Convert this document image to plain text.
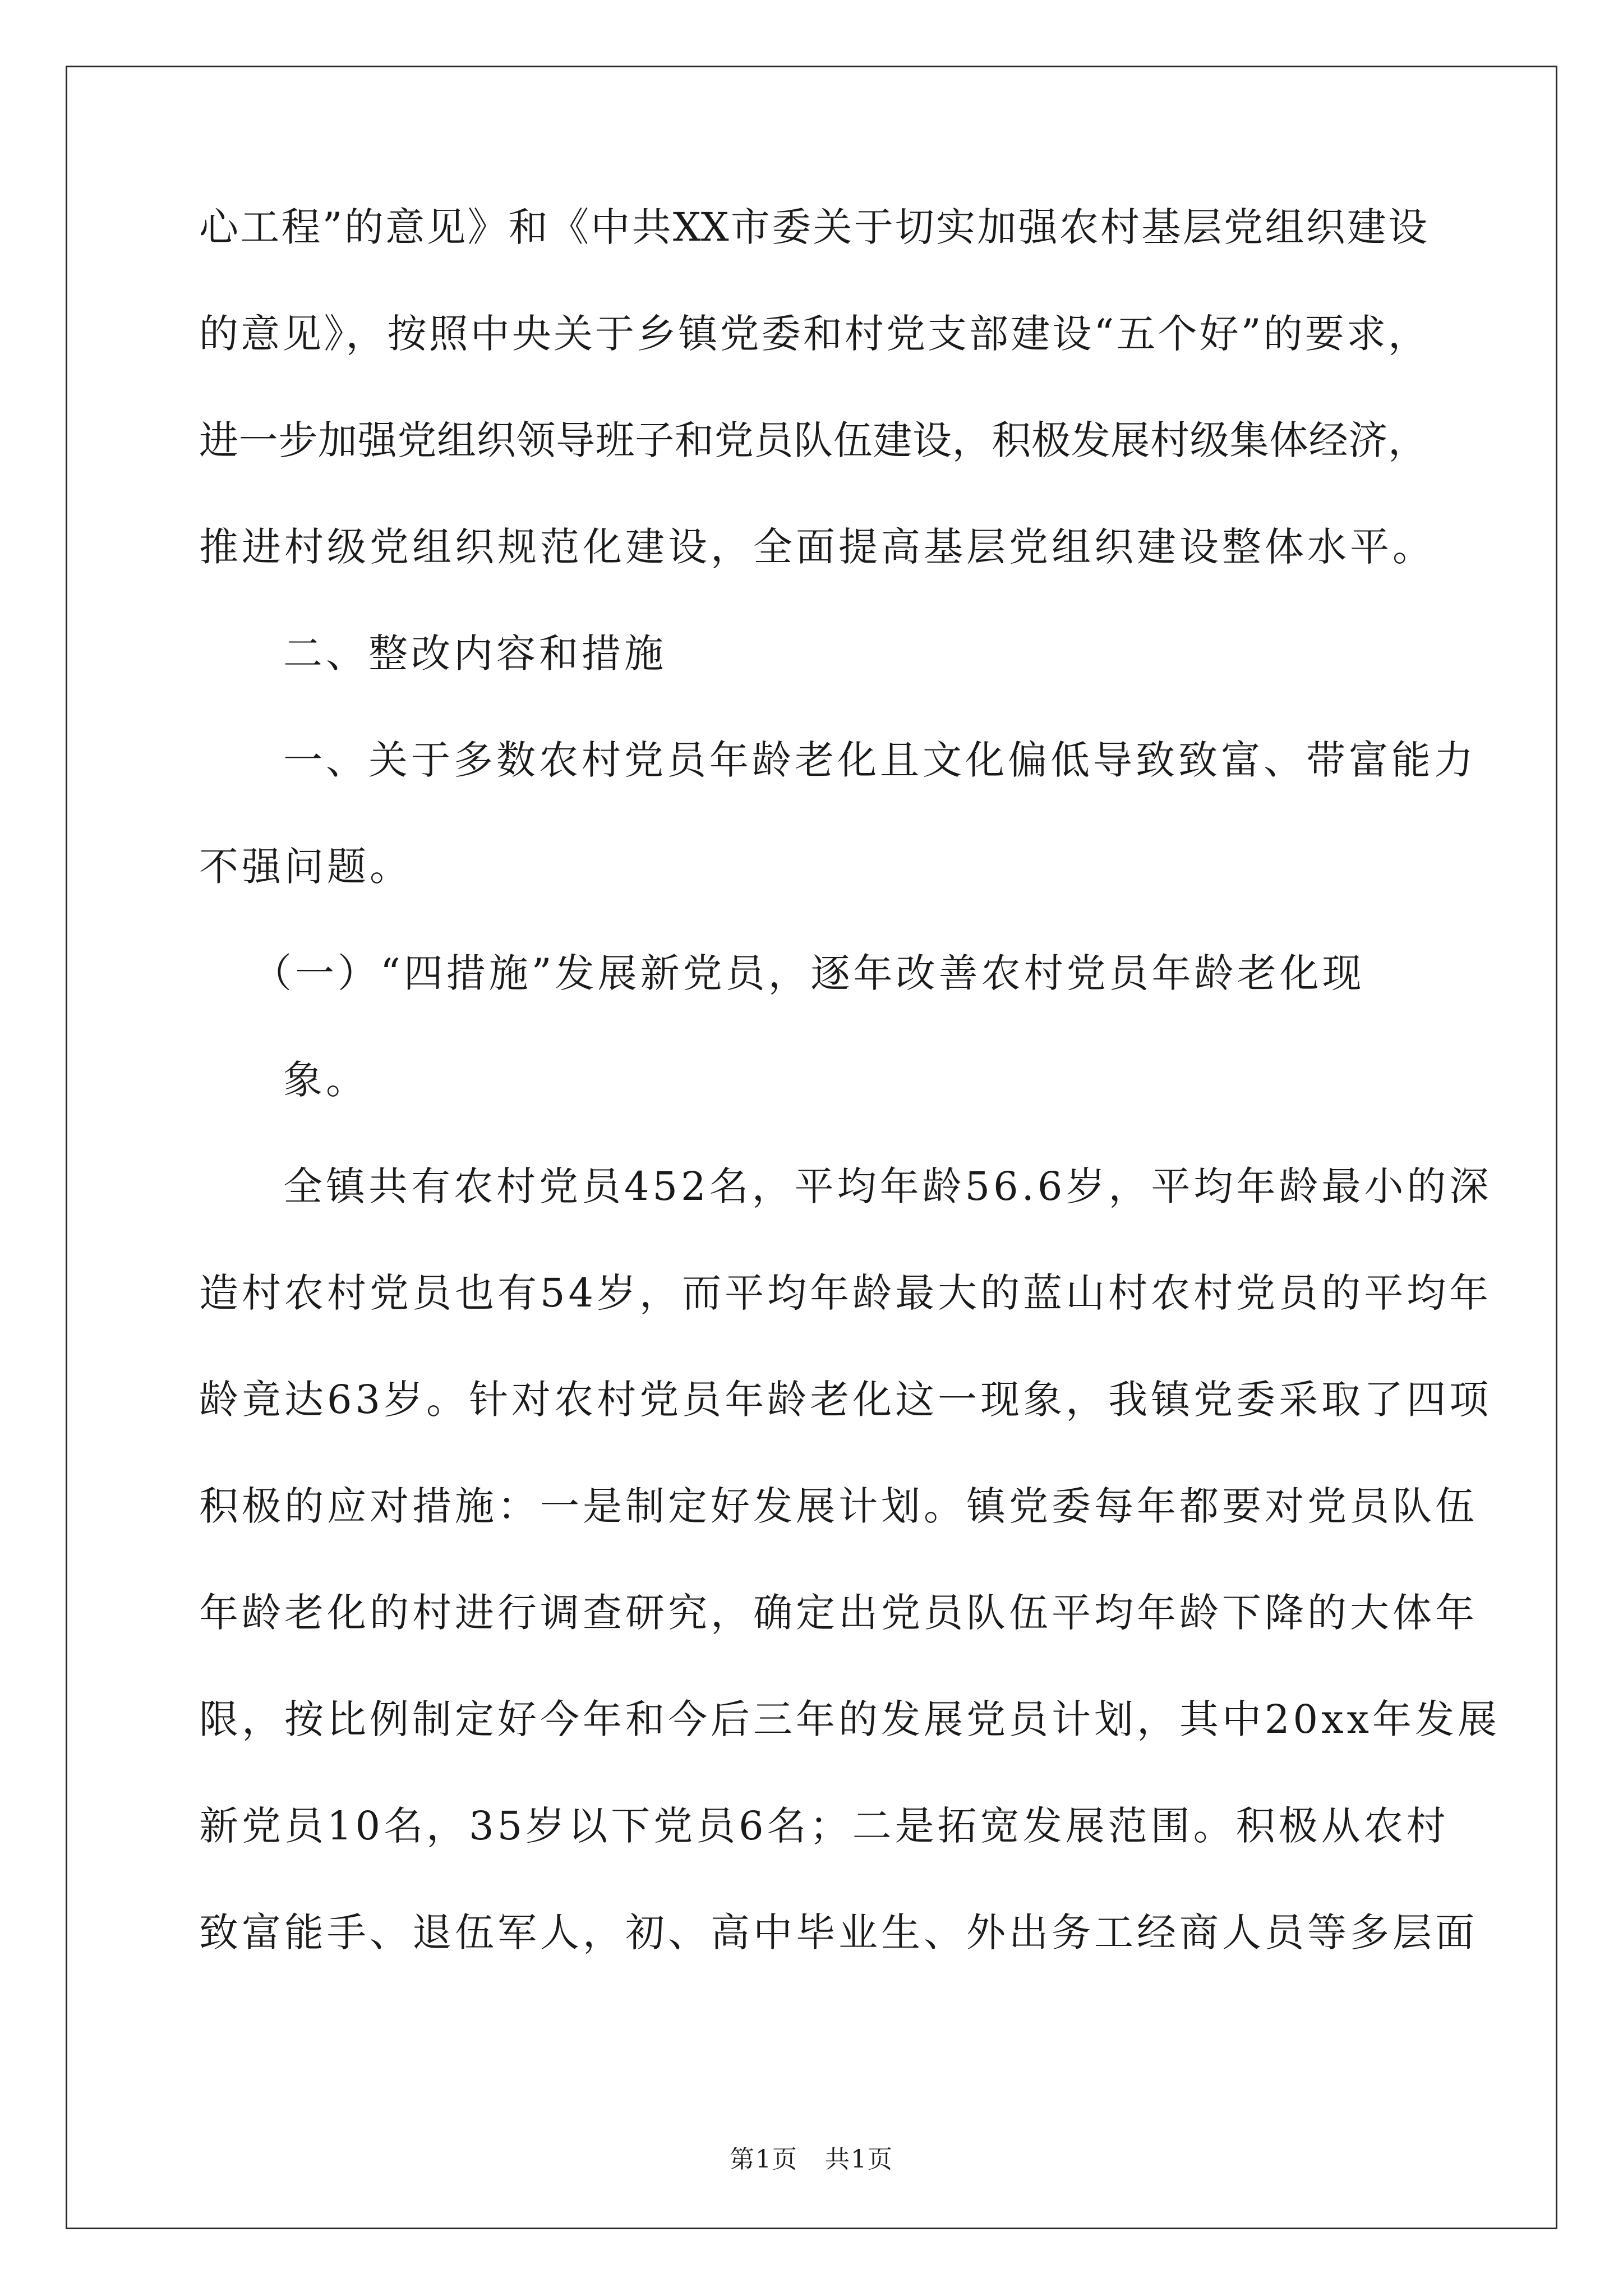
心工程”的意见》和《中共XX市委关于切实加强农村基层党组织建设
的意见》，按照中央关于乡镇党委和村党支部建设“五个好”的要求，
进一步加强党组织领导班子和党员队伍建设，积极发展村级集体经济，
推进村级党组织规范化建设，全面提高基层党组织建设整体水平。
二、整改内容和措施
一、关于多数农村党员年龄老化且文化偏低导致致富、带富能力
不强问题。
（一）“四措施”发展新党员，逐年改善农村党员年龄老化现
象。
全镇共有农村党员452名，平均年龄56.6岁，平均年龄最小的深
造村农村党员也有54岁，而平均年龄最大的蓝山村农村党员的平均年
龄竟达63岁。针对农村党员年龄老化这一现象，我镇党委采取了四项
积极的应对措施：一是制定好发展计划。镇党委每年都要对党员队伍
年龄老化的村进行调查研究，确定出党员队伍平均年龄下降的大体年
限，按比例制定好今年和今后三年的发展党员计划，其中20xx年发展
新党员10名，35岁以下党员6名；二是拓宽发展范围。积极从农村
致富能手、退伍军人，初、高中毕业生、外出务工经商人员等多层面
第1页 共1页
